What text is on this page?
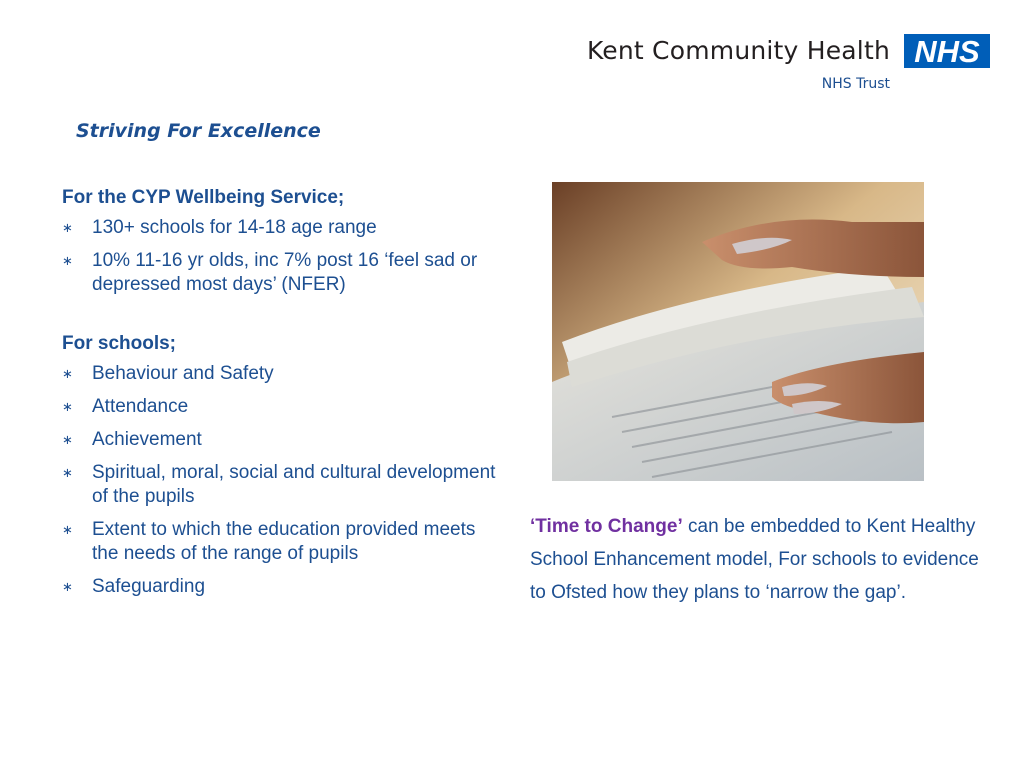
Kent Community Health

NHS Trust

NHS
Striving For Excellence

For the CYP Wellbeing Service;

∗ 130+ schools for 14-18 age range
∗ 10% 11-16 yr olds, inc 7% post 16 ‘feel sad or depressed most days’ (NFER)

For schools;

∗ Behaviour and Safety
∗ Attendance
∗ Achievement
∗ Spiritual, moral, social and cultural development of the pupils
∗ Extent to which the education provided meets the needs of the range of pupils
∗ Safeguarding

‘Time to Change’ can be embedded to Kent Healthy School Enhancement model, For schools to evidence to Ofsted how they plans to ‘narrow the gap’.
